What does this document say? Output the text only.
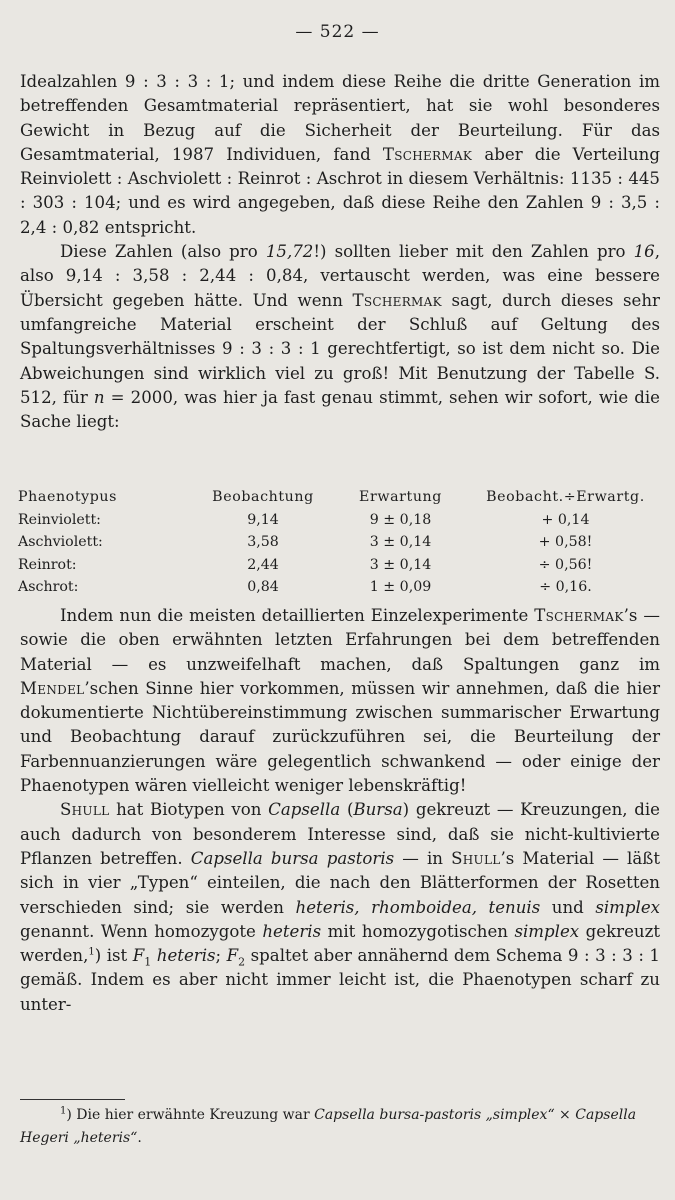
— 522 —

Idealzahlen 9 : 3 : 3 : 1; und indem diese Reihe die dritte Generation im betreffenden Gesamtmaterial repräsentiert, hat sie wohl besonderes Gewicht in Bezug auf die Sicherheit der Beurteilung. Für das Gesamtmaterial, 1987 Individuen, fand Tschermak aber die Verteilung Reinviolett : Aschviolett : Reinrot : Aschrot in diesem Verhältnis: 1135 : 445 : 303 : 104; und es wird angegeben, daß diese Reihe den Zahlen 9 : 3,5 : 2,4 : 0,82 entspricht.

Diese Zahlen (also pro 15,72!) sollten lieber mit den Zahlen pro 16, also 9,14 : 3,58 : 2,44 : 0,84, vertauscht werden, was eine bessere Übersicht gegeben hätte. Und wenn Tschermak sagt, durch dieses sehr umfangreiche Material erscheint der Schluß auf Geltung des Spaltungsverhältnisses 9 : 3 : 3 : 1 gerechtfertigt, so ist dem nicht so. Die Abweichungen sind wirklich viel zu groß! Mit Benutzung der Tabelle S. 512, für n = 2000, was hier ja fast genau stimmt, sehen wir sofort, wie die Sache liegt:

Phaenotypus	Beobachtung	Erwartung	Beobacht.÷Erwartg.
Reinviolett:	9,14	9 ± 0,18	+ 0,14
Aschviolett:	3,58	3 ± 0,14	+ 0,58!
Reinrot:	2,44	3 ± 0,14	÷ 0,56!
Aschrot:	0,84	1 ± 0,09	÷ 0,16.

Indem nun die meisten detaillierten Einzelexperimente Tschermak’s — sowie die oben erwähnten letzten Erfahrungen bei dem betreffenden Material — es unzweifelhaft machen, daß Spaltungen ganz im Mendel’schen Sinne hier vorkommen, müssen wir annehmen, daß die hier dokumentierte Nichtübereinstimmung zwischen summarischer Erwartung und Beobachtung darauf zurückzuführen sei, die Beurteilung der Farbennuanzierungen wäre gelegentlich schwankend — oder einige der Phaenotypen wären vielleicht weniger lebenskräftig!

Shull hat Biotypen von Capsella (Bursa) gekreuzt — Kreuzungen, die auch dadurch von besonderem Interesse sind, daß sie nicht-kultivierte Pflanzen betreffen. Capsella bursa pastoris — in Shull’s Material — läßt sich in vier „Typen“ einteilen, die nach den Blätterformen der Rosetten verschieden sind; sie werden heteris, rhomboidea, tenuis und simplex genannt. Wenn homozygote heteris mit homozygotischen simplex gekreuzt werden,$^1$) ist $F_1$ heteris; $F_2$ spaltet aber annähernd dem Schema 9 : 3 : 3 : 1 gemäß. Indem es aber nicht immer leicht ist, die Phaenotypen scharf zu unter-

$^1$) Die hier erwähnte Kreuzung war Capsella bursa-pastoris „simplex“ × Capsella Hegeri „heteris“.
